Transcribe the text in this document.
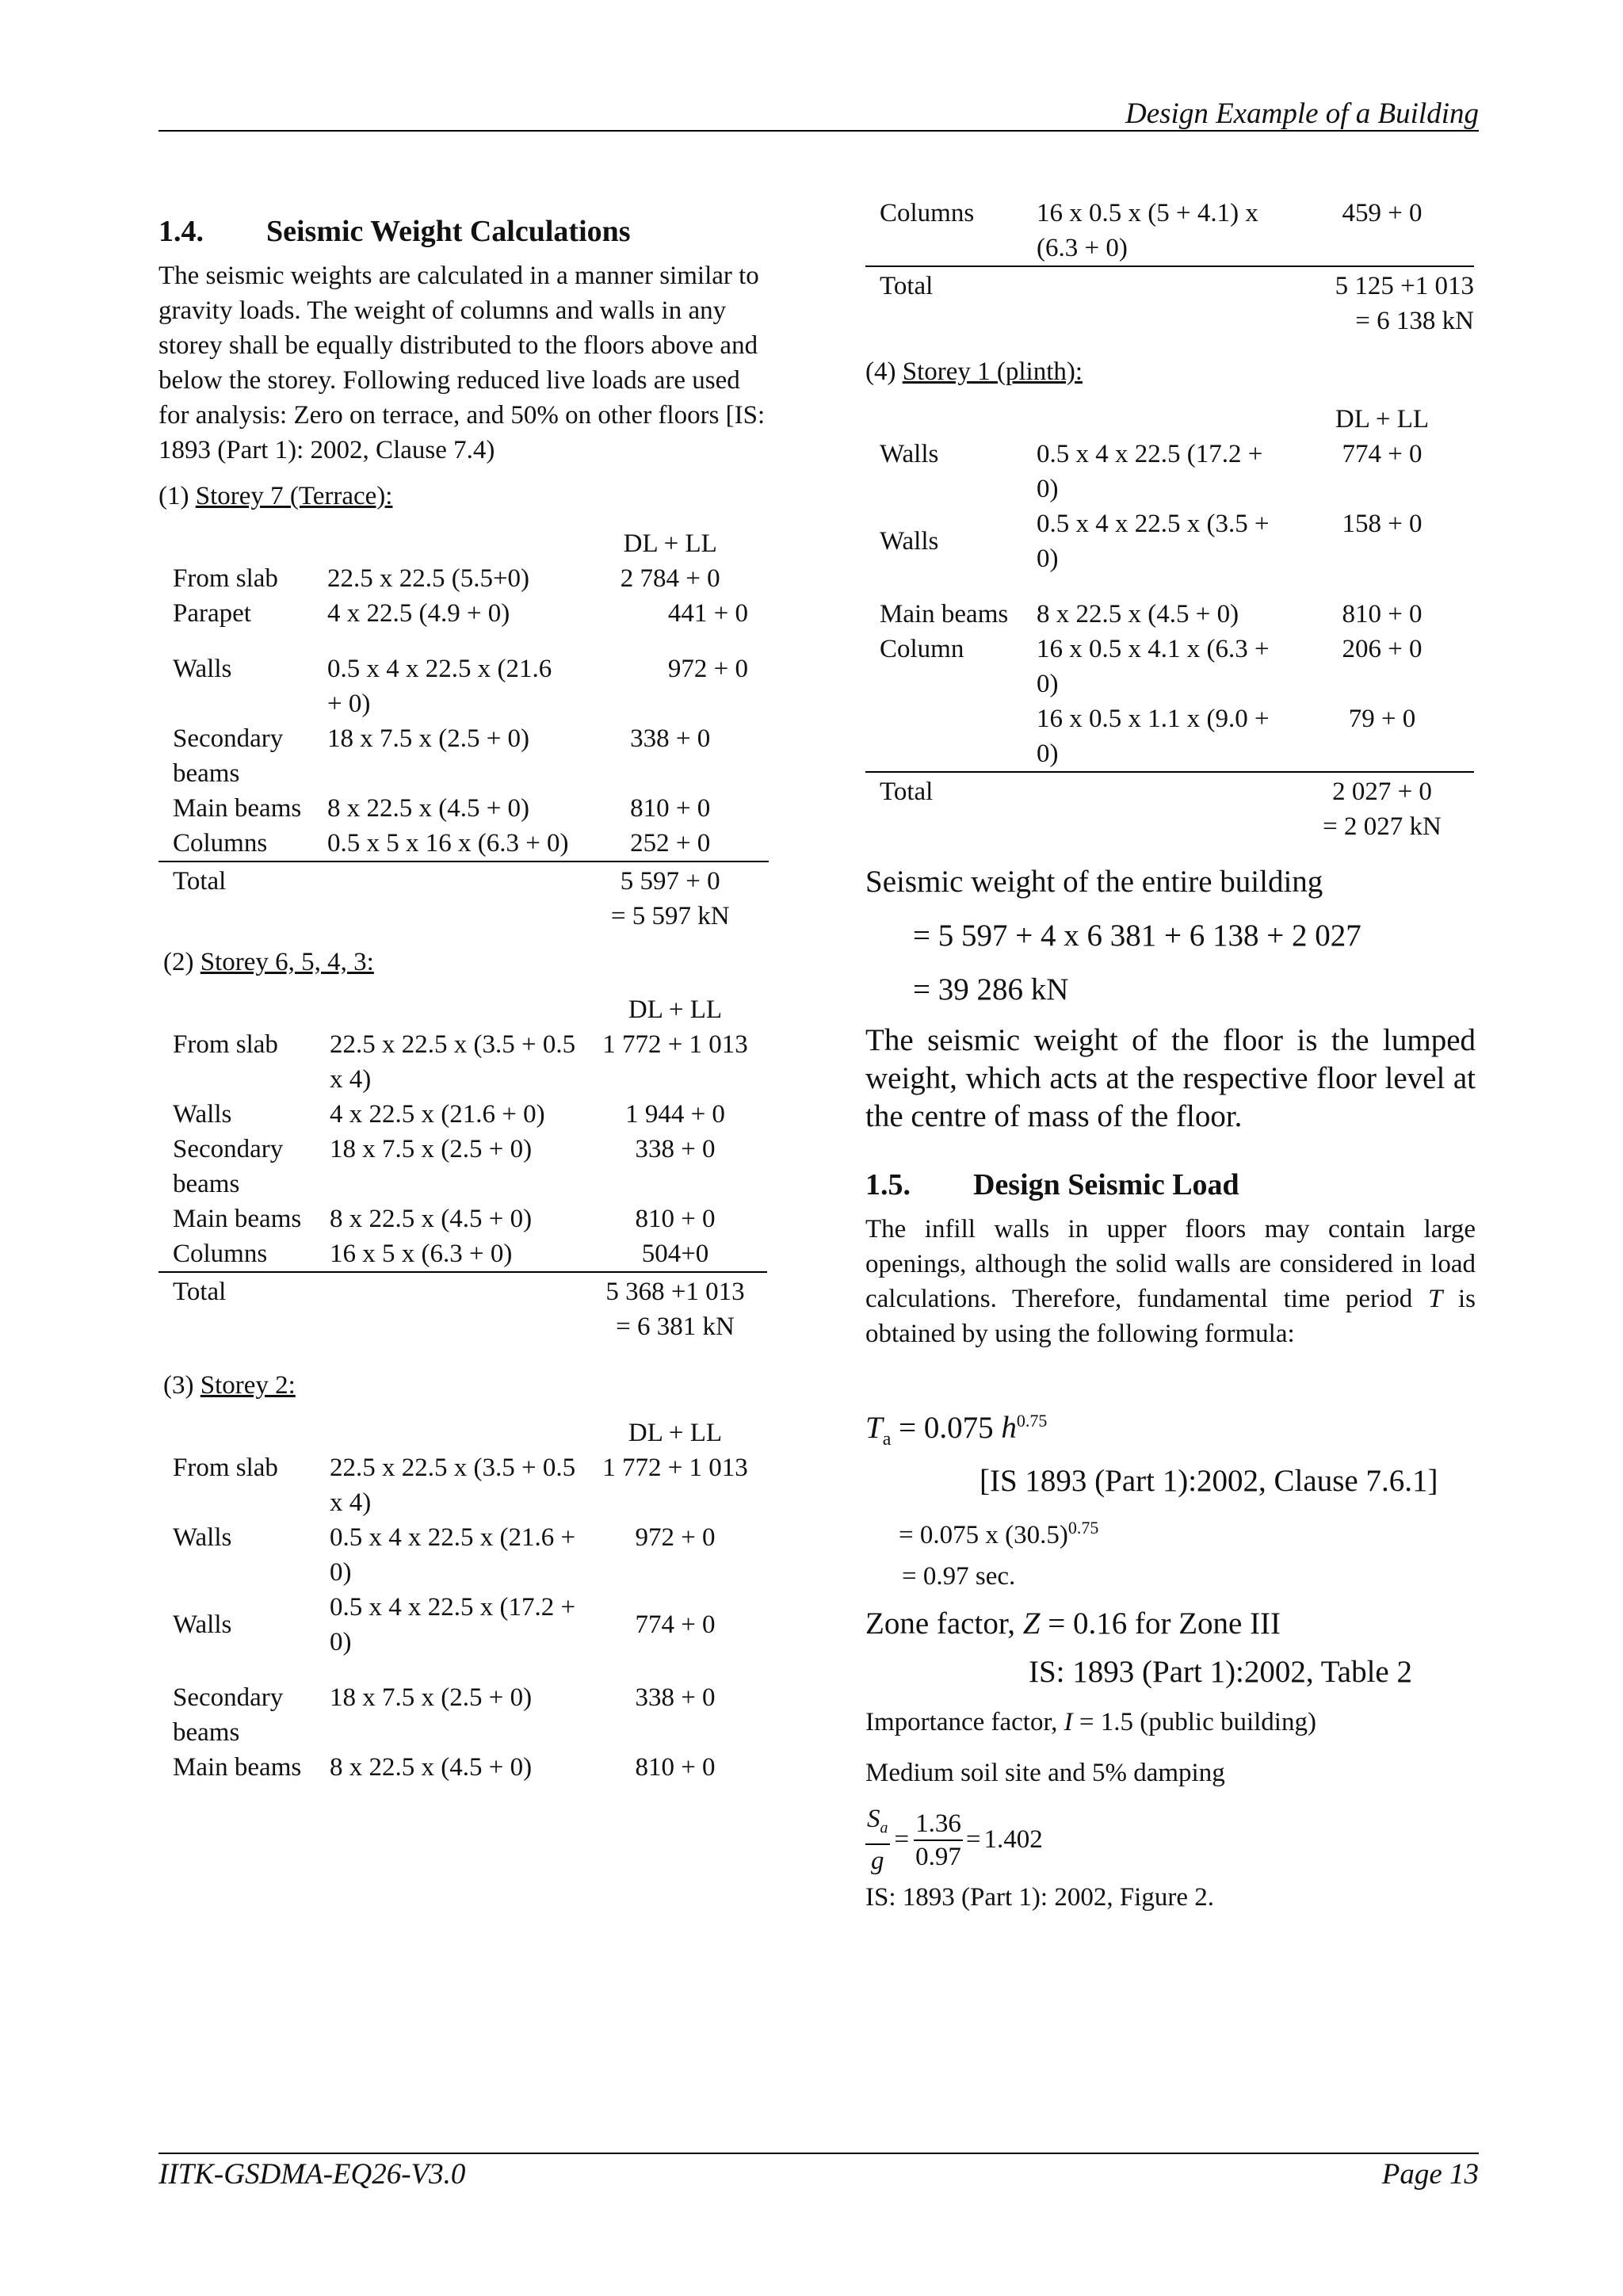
Design Example of a Building
1.4.	Seismic Weight Calculations

The seismic weights are calculated in a manner similar to gravity loads. The weight of columns and walls in any storey shall be equally distributed to the floors above and below the storey. Following reduced live loads are used for analysis: Zero on terrace, and 50% on other floors [IS: 1893 (Part 1): 2002, Clause 7.4)

(1) Storey 7 (Terrace):
		DL + LL
From slab	22.5 x 22.5 (5.5+0)	2 784 + 0
Parapet	4 x 22.5 (4.9 + 0)	441 + 0
Walls	0.5 x 4 x 22.5 x (21.6 + 0)	972 + 0
Secondary beams	18 x 7.5 x (2.5 + 0)	338 + 0
Main beams	8 x 22.5 x (4.5 + 0)	810 + 0
Columns	0.5 x 5 x 16 x (6.3 + 0)	252 + 0
Total		5 597 + 0
= 5 597 kN
(2) Storey 6, 5, 4, 3:
		DL + LL
From slab	22.5 x 22.5 x (3.5 + 0.5 x 4)	1 772 + 1 013
Walls	4 x 22.5 x (21.6 + 0)	1 944 + 0
Secondary beams	18 x 7.5 x (2.5 + 0)	338 + 0
Main beams	8 x 22.5 x (4.5 + 0)	810 + 0
Columns	16 x 5 x (6.3 + 0)	504+0
Total		5 368 +1 013
= 6 381 kN
(3) Storey 2:
		DL + LL
From slab	22.5 x 22.5 x (3.5 + 0.5 x 4)	1 772 + 1 013
Walls	0.5 x 4 x 22.5 x (21.6 + 0)	972 + 0
Walls	0.5 x 4 x 22.5 x (17.2 + 0)	774 + 0
Secondary beams	18 x 7.5 x (2.5 + 0)	338 + 0
Main beams	8 x 22.5 x (4.5 + 0)	810 + 0
Columns	16 x 0.5 x (5 + 4.1) x (6.3 + 0)	459 + 0
Total		5 125 +1 013
= 6 138 kN
(4) Storey 1 (plinth):
		DL + LL
Walls	0.5 x 4 x 22.5 (17.2 + 0)	774 + 0
Walls	0.5 x 4 x 22.5 x (3.5 + 0)	158 + 0
Main beams	8 x 22.5 x (4.5 + 0)	810 + 0
Column	16 x 0.5 x 4.1 x (6.3 + 0)	206 + 0
	16 x 0.5 x 1.1 x (9.0 + 0)	79 + 0
Total		2 027 + 0
= 2 027 kN

Seismic weight of the entire building

= 5 597 + 4 x 6 381 + 6 138 + 2 027

= 39 286 kN

The seismic weight of the floor is the lumped weight, which acts at the respective floor level at the centre of mass of the floor.

1.5.	Design Seismic Load

The infill walls in upper floors may contain large openings, although the solid walls are considered in load calculations. Therefore, fundamental time period T is obtained by using the following formula:

$T_a = 0.075$ $h^{0.75}$

[IS 1893 (Part 1):2002, Clause 7.6.1]

= 0.075 x $(30.5)^{0.75}$

= 0.97 sec.

Zone factor, Z = 0.16 for Zone III

IS: 1893 (Part 1):2002, Table 2

Importance factor, I = 1.5 (public building)

Medium soil site and 5% damping

$\frac{S_a}{g} = \frac{1.36}{0.97} = 1.402$

IS: 1893 (Part 1): 2002, Figure 2.

IITK-GSDMA-EQ26-V3.0	Page 13
